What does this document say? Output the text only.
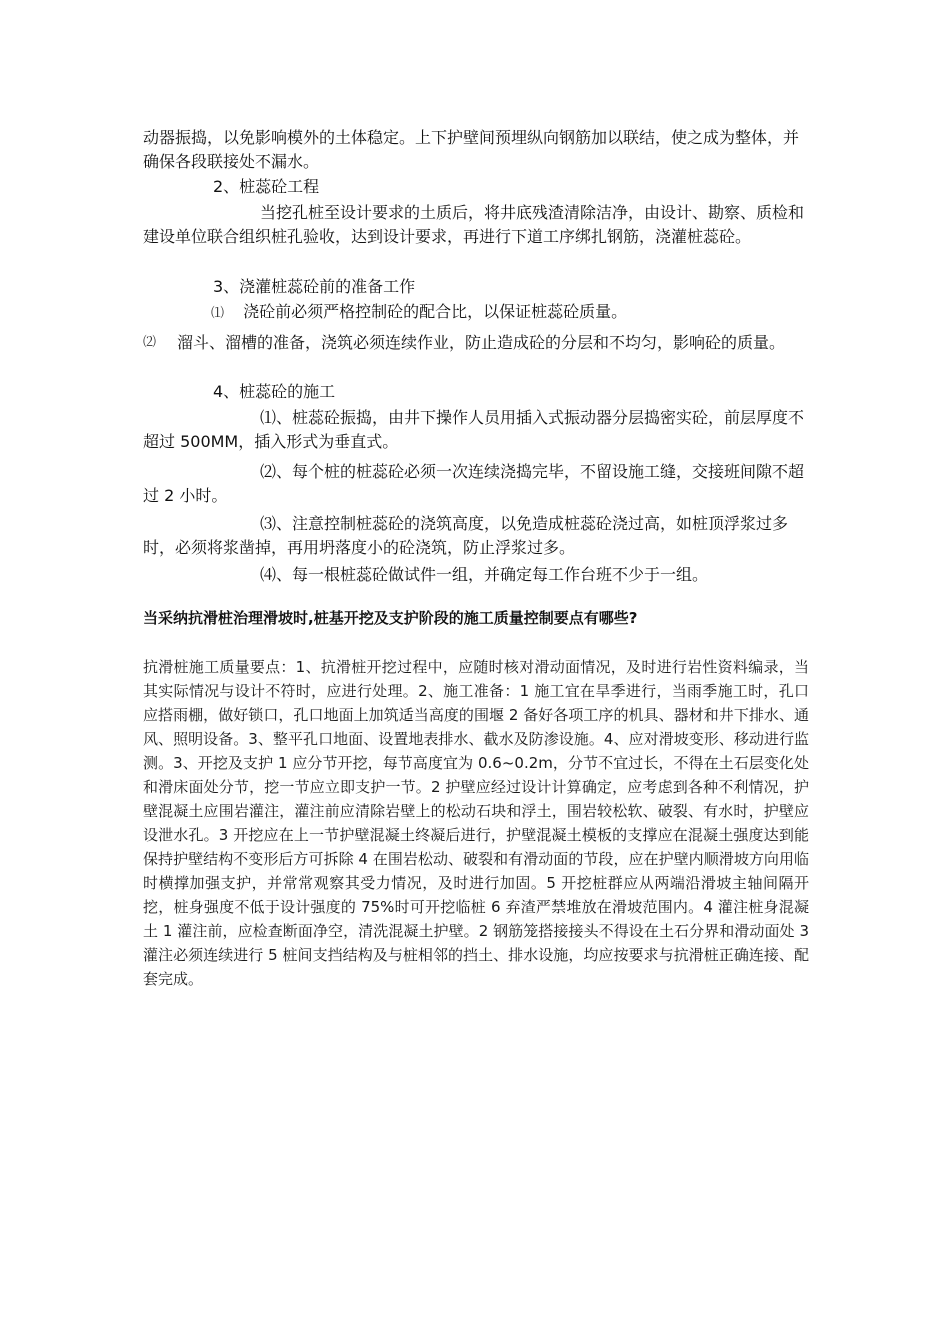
动器振捣，以免影响模外的土体稳定。上下护壁间预埋纵向钢筋加以联结，使之成为整体，并确保各段联接处不漏水。
2、桩蕊砼工程
当挖孔桩至设计要求的土质后，将井底残渣清除洁净，由设计、勘察、质检和建设单位联合组织桩孔验收，达到设计要求，再进行下道工序绑扎钢筋，浇灌桩蕊砼。
3、浇灌桩蕊砼前的准备工作
⑴ 浇砼前必须严格控制砼的配合比，以保证桩蕊砼质量。
⑵ 溜斗、溜槽的准备，浇筑必须连续作业，防止造成砼的分层和不均匀，影响砼的质量。
4、桩蕊砼的施工
⑴、桩蕊砼振捣，由井下操作人员用插入式振动器分层捣密实砼，前层厚度不超过 500MM，插入形式为垂直式。
⑵、每个桩的桩蕊砼必须一次连续浇捣完毕，不留设施工缝，交接班间隙不超过 2 小时。
⑶、注意控制桩蕊砼的浇筑高度，以免造成桩蕊砼浇过高，如桩顶浮浆过多时，必须将浆凿掉，再用坍落度小的砼浇筑，防止浮浆过多。
⑷、每一根桩蕊砼做试件一组，并确定每工作台班不少于一组。
当采纳抗滑桩治理滑坡时,桩基开挖及支护阶段的施工质量控制要点有哪些?
抗滑桩施工质量要点：1、抗滑桩开挖过程中，应随时核对滑动面情况，及时进行岩性资料编录，当其实际情况与设计不符时，应进行处理。2、施工准备：1 施工宜在旱季进行，当雨季施工时，孔口应搭雨棚，做好锁口，孔口地面上加筑适当高度的围堰 2 备好各项工序的机具、器材和井下排水、通风、照明设备。3、整平孔口地面、设置地表排水、截水及防渗设施。4、应对滑坡变形、移动进行监测。3、开挖及支护 1 应分节开挖，每节高度宜为 0.6~0.2m，分节不宜过长，不得在土石层变化处和滑床面处分节，挖一节应立即支护一节。2 护壁应经过设计计算确定，应考虑到各种不利情况，护壁混凝土应围岩灌注，灌注前应清除岩壁上的松动石块和浮土，围岩较松软、破裂、有水时，护壁应设泄水孔。3 开挖应在上一节护壁混凝土终凝后进行，护壁混凝土模板的支撑应在混凝土强度达到能保持护壁结构不变形后方可拆除 4 在围岩松动、破裂和有滑动面的节段，应在护壁内顺滑坡方向用临时横撑加强支护，并常常观察其受力情况，及时进行加固。5 开挖桩群应从两端沿滑坡主轴间隔开挖，桩身强度不低于设计强度的 75%时可开挖临桩 6 弃渣严禁堆放在滑坡范围内。4 灌注桩身混凝土 1 灌注前，应检查断面净空，清洗混凝土护壁。2 钢筋笼搭接接头不得设在土石分界和滑动面处 3 灌注必须连续进行 5 桩间支挡结构及与桩相邻的挡土、排水设施，均应按要求与抗滑桩正确连接、配套完成。
